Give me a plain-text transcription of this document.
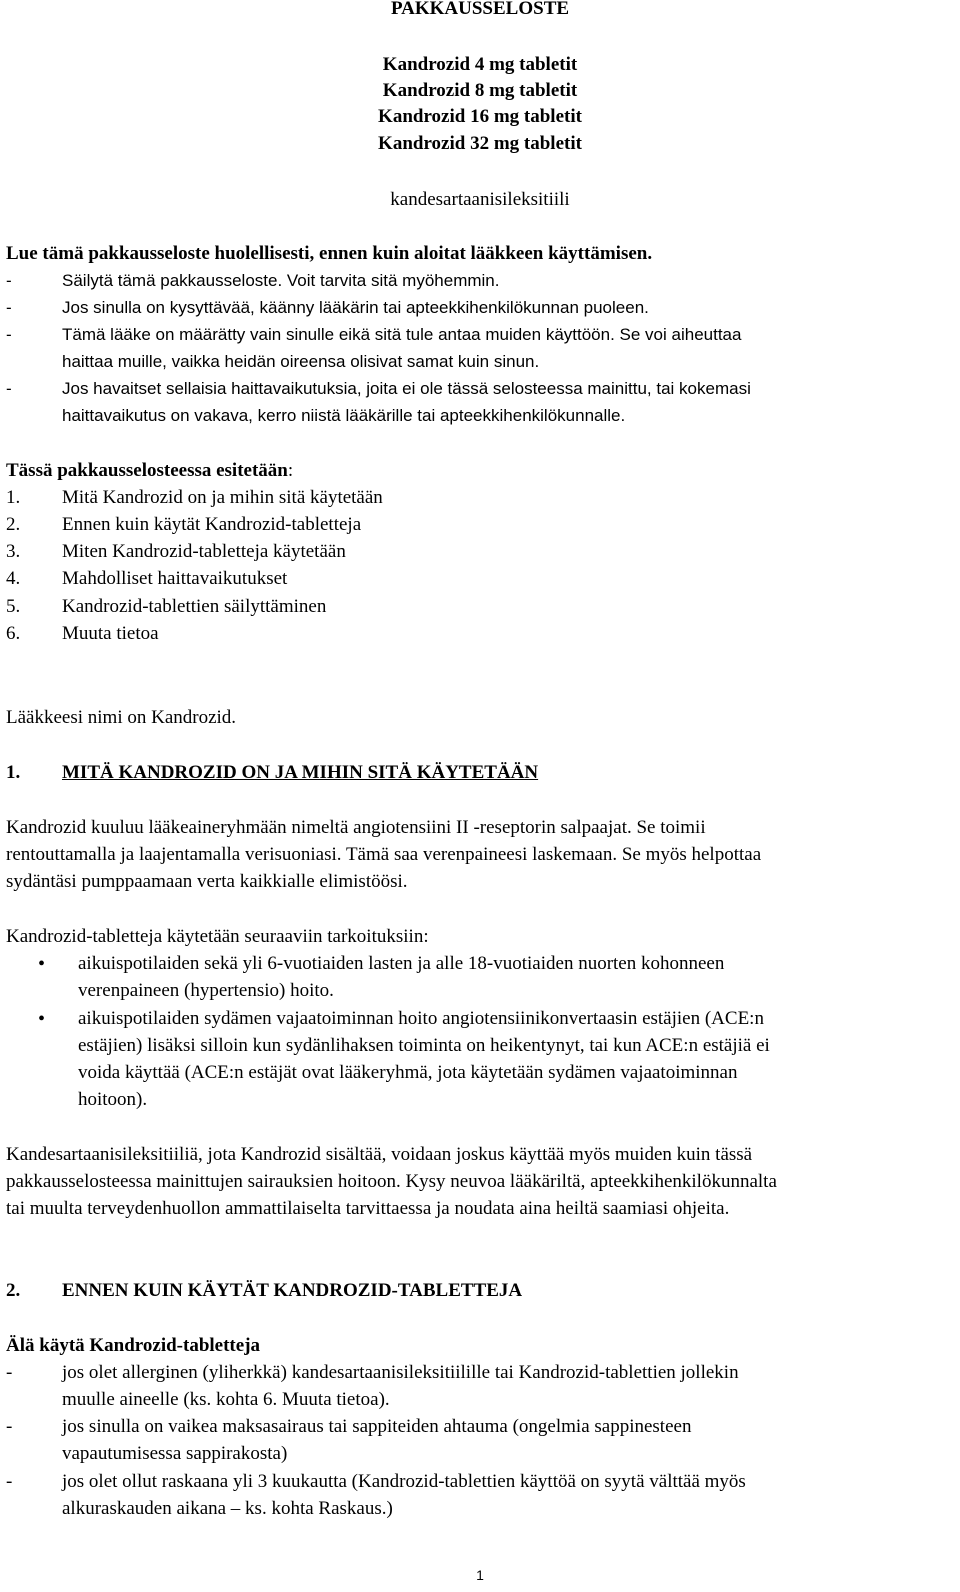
PAKKAUSSELOSTE
Kandrozid 4 mg tabletit
Kandrozid 8 mg tabletit
Kandrozid 16 mg tabletit
Kandrozid 32 mg tabletit
kandesartaanisileksitiili
Lue tämä pakkausseloste huolellisesti, ennen kuin aloitat lääkkeen käyttämisen.
-	Säilytä tämä pakkausseloste. Voit tarvita sitä myöhemmin.
-	Jos sinulla on kysyttävää, käänny lääkärin tai apteekkihenkilökunnan puoleen.
-	Tämä lääke on määrätty vain sinulle eikä sitä tule antaa muiden käyttöön. Se voi aiheuttaa
haittaa muille, vaikka heidän oireensa olisivat samat kuin sinun.
-	Jos havaitset sellaisia haittavaikutuksia, joita ei ole tässä selosteessa mainittu, tai kokemasi
haittavaikutus on vakava, kerro niistä lääkärille tai apteekkihenkilökunnalle.
Tässä pakkausselosteessa esitetään:
1. Mitä Kandrozid on ja mihin sitä käytetään
2. Ennen kuin käytät Kandrozid-tabletteja
3. Miten Kandrozid-tabletteja käytetään
4. Mahdolliset haittavaikutukset
5. Kandrozid-tablettien säilyttäminen
6. Muuta tietoa
Lääkkeesi nimi on Kandrozid.
1. MITÄ KANDROZID ON JA MIHIN SITÄ KÄYTETÄÄN
Kandrozid kuuluu lääkeaineryhmään nimeltä angiotensiini II -reseptorin salpaajat. Se toimii
rentouttamalla ja laajentamalla verisuoniasi. Tämä saa verenpaineesi laskemaan. Se myös helpottaa
sydäntäsi pumppaamaan verta kaikkialle elimistöösi.
Kandrozid-tabletteja käytetään seuraaviin tarkoituksiin:
• aikuispotilaiden sekä yli 6-vuotiaiden lasten ja alle 18-vuotiaiden nuorten kohonneen
verenpaineen (hypertensio) hoito.
• aikuispotilaiden sydämen vajaatoiminnan hoito angiotensiinikonvertaasin estäjien (ACE:n
estäjien) lisäksi silloin kun sydänlihaksen toiminta on heikentynyt, tai kun ACE:n estäjiä ei
voida käyttää (ACE:n estäjät ovat lääkeryhmä, jota käytetään sydämen vajaatoiminnan
hoitoon).
Kandesartaanisileksitiiliä, jota Kandrozid sisältää, voidaan joskus käyttää myös muiden kuin tässä
pakkausselosteessa mainittujen sairauksien hoitoon. Kysy neuvoa lääkäriltä, apteekkihenkilökunnalta
tai muulta terveydenhuollon ammattilaiselta tarvittaessa ja noudata aina heiltä saamiasi ohjeita.
2. ENNEN KUIN KÄYTÄT KANDROZID-TABLETTEJA
Älä käytä Kandrozid-tabletteja
-	jos olet allerginen (yliherkkä) kandesartaanisileksitiilille tai Kandrozid-tablettien jollekin
muulle aineelle (ks. kohta 6. Muuta tietoa).
-	jos sinulla on vaikea maksasairaus tai sappiteiden ahtauma (ongelmia sappinesteen
vapautumisessa sappirakosta)
-	jos olet ollut raskaana yli 3 kuukautta (Kandrozid-tablettien käyttöä on syytä välttää myös
alkuraskauden aikana – ks. kohta Raskaus.)
1
